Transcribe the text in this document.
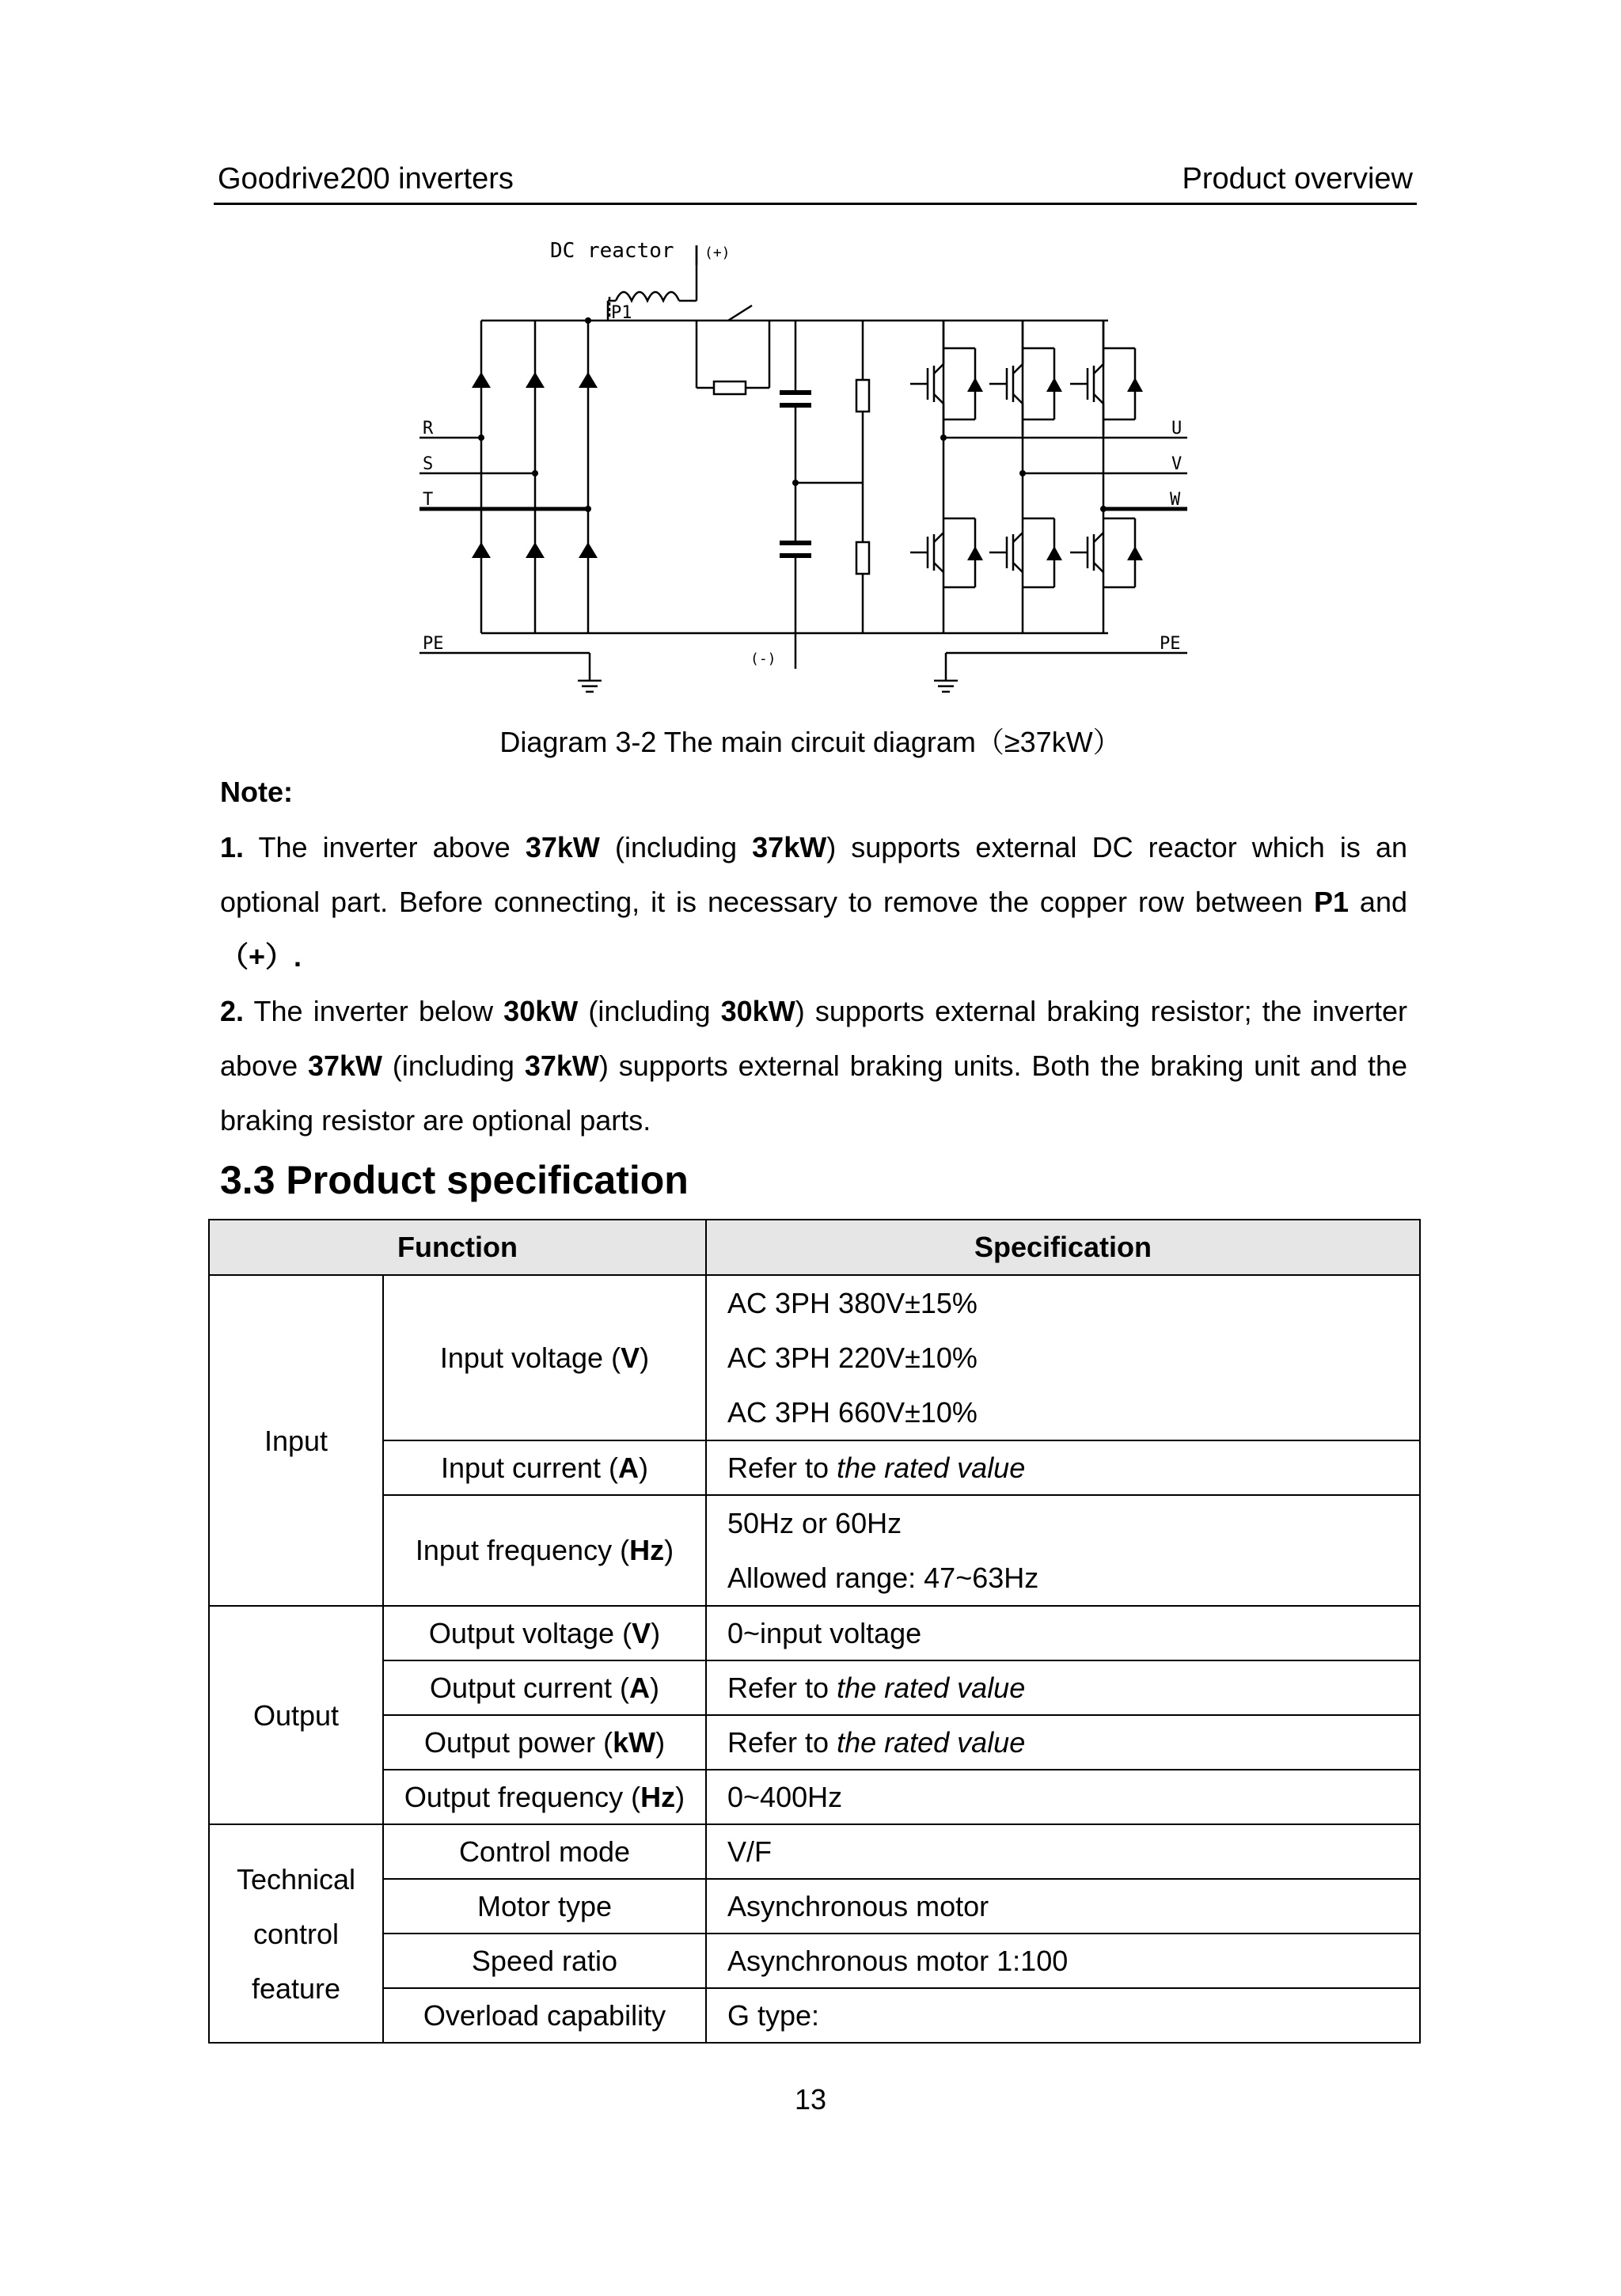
Goodrive200 inverters	Product overview
DC reactor (+)
P1
(-)
R
S
T
U
V
W
PE	PE
Diagram 3-2 The main circuit diagram（≥37kW）
Note:
1. The inverter above 37kW (including 37kW) supports external DC reactor which is an
optional part. Before connecting, it is necessary to remove the copper row between P1 and
（+）.
2. The inverter below 30kW (including 30kW) supports external braking resistor; the inverter
above 37kW (including 37kW) supports external braking units. Both the braking unit and the
braking resistor are optional parts.
3.3 Product specification
Function		Specification
Input	Input voltage (V)	AC 3PH 380V±15%
AC 3PH 220V±10%
AC 3PH 660V±10%

	Input current (A)	Refer to the rated value
	Input frequency (Hz)	50Hz or 60Hz
Allowed range: 47~63Hz

Output	Output voltage (V)	0~input voltage
	Output current (A)	Refer to the rated value
	Output power (kW)	Refer to the rated value
	Output frequency (Hz)	0~400Hz

Technical
control
feature	Control mode	V/F
	Motor type	Asynchronous motor
	Speed ratio	Asynchronous motor 1:100
	Overload capability	G type:
13
